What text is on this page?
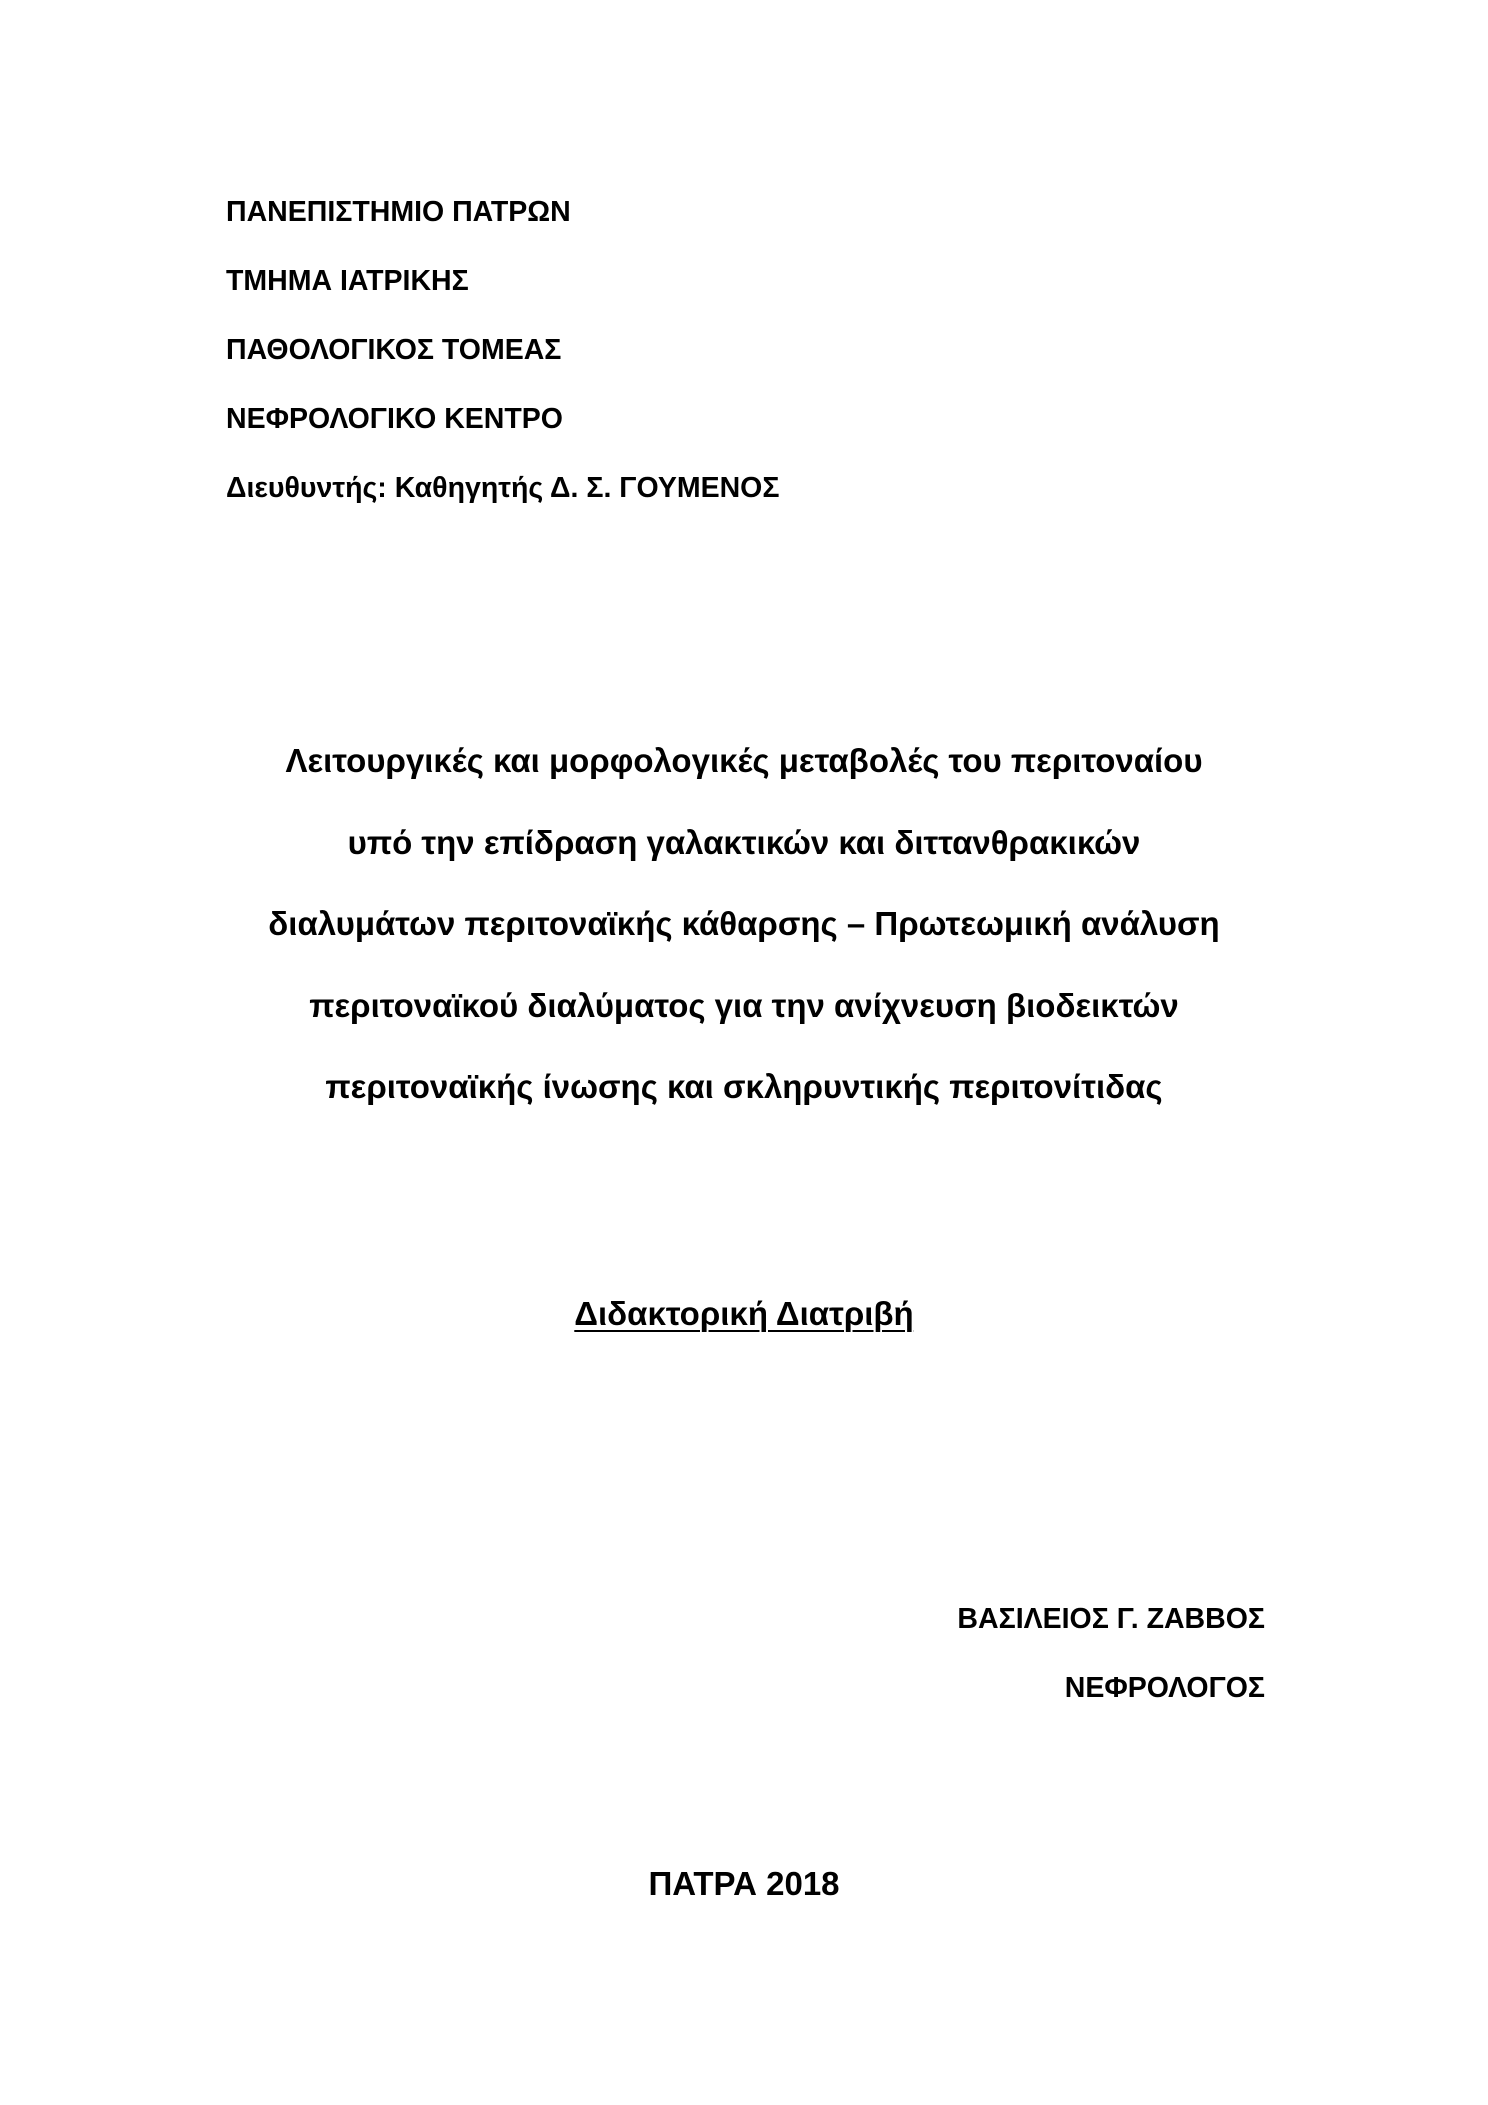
ΠΑΝΕΠΙΣΤΗΜΙΟ ΠΑΤΡΩΝ
ΤΜΗΜΑ ΙΑΤΡΙΚΗΣ
ΠΑΘΟΛΟΓΙΚΟΣ ΤΟΜΕΑΣ
ΝΕΦΡΟΛΟΓΙΚΟ ΚΕΝΤΡΟ
Διευθυντής: Καθηγητής Δ. Σ. ΓΟΥΜΕΝΟΣ
Λειτουργικές και μορφολογικές μεταβολές του περιτοναίου
υπό την επίδραση γαλακτικών και διττανθρακικών
διαλυμάτων περιτοναϊκής κάθαρσης – Πρωτεωμική ανάλυση
περιτοναϊκού διαλύματος για την ανίχνευση βιοδεικτών
περιτοναϊκής ίνωσης και σκληρυντικής περιτονίτιδας
Διδακτορική Διατριβή
ΒΑΣΙΛΕΙΟΣ Γ. ΖΑΒΒΟΣ
ΝΕΦΡΟΛΟΓΟΣ
ΠΑΤΡΑ 2018
